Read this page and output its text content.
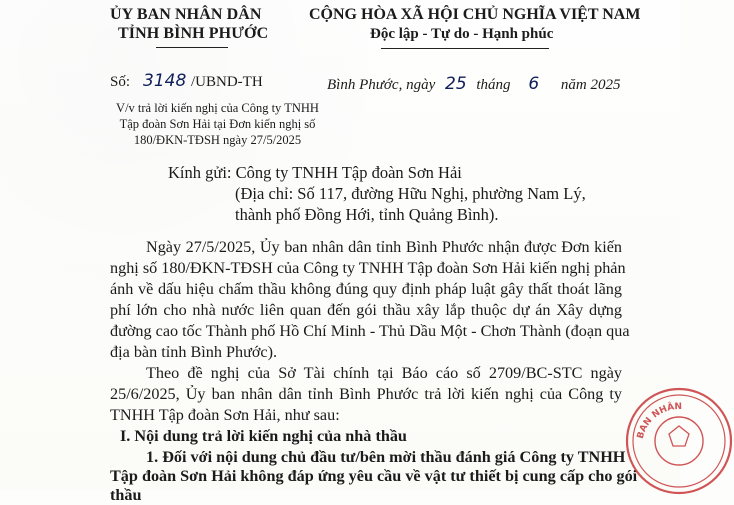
ỦY BAN NHÂN DÂN
TỈNH BÌNH PHƯỚC
CỘNG HÒA XÃ HỘI CHỦ NGHĨA VIỆT NAM
Độc lập - Tự do - Hạnh phúc
Số: 3148 /UBND-TH	Bình Phước, ngày 25 tháng 6 năm 2025
V/v trả lời kiến nghị của Công ty TNHH
Tập đoàn Sơn Hải tại Đơn kiến nghị số
180/ĐKN-TĐSH ngày 27/5/2025
Kính gửi: Công ty TNHH Tập đoàn Sơn Hải
(Địa chỉ: Số 117, đường Hữu Nghị, phường Nam Lý,
thành phố Đồng Hới, tỉnh Quảng Bình).
Ngày 27/5/2025, Ủy ban nhân dân tỉnh Bình Phước nhận được Đơn kiến
nghị số 180/ĐKN-TĐSH của Công ty TNHH Tập đoàn Sơn Hải kiến nghị phản
ánh về dấu hiệu chấm thầu không đúng quy định pháp luật gây thất thoát lãng
phí lớn cho nhà nước liên quan đến gói thầu xây lắp thuộc dự án Xây dựng
đường cao tốc Thành phố Hồ Chí Minh - Thủ Dầu Một - Chơn Thành (đoạn qua
địa bàn tỉnh Bình Phước).
Theo đề nghị của Sở Tài chính tại Báo cáo số 2709/BC-STC ngày
25/6/2025, Ủy ban nhân dân tỉnh Bình Phước trả lời kiến nghị của Công ty
TNHH Tập đoàn Sơn Hải, như sau:
I. Nội dung trả lời kiến nghị của nhà thầu
1. Đối với nội dung chủ đầu tư/bên mời thầu đánh giá Công ty TNHH
Tập đoàn Sơn Hải không đáp ứng yêu cầu về vật tư thiết bị cung cấp cho gói
thầu
BAN NHÂN
